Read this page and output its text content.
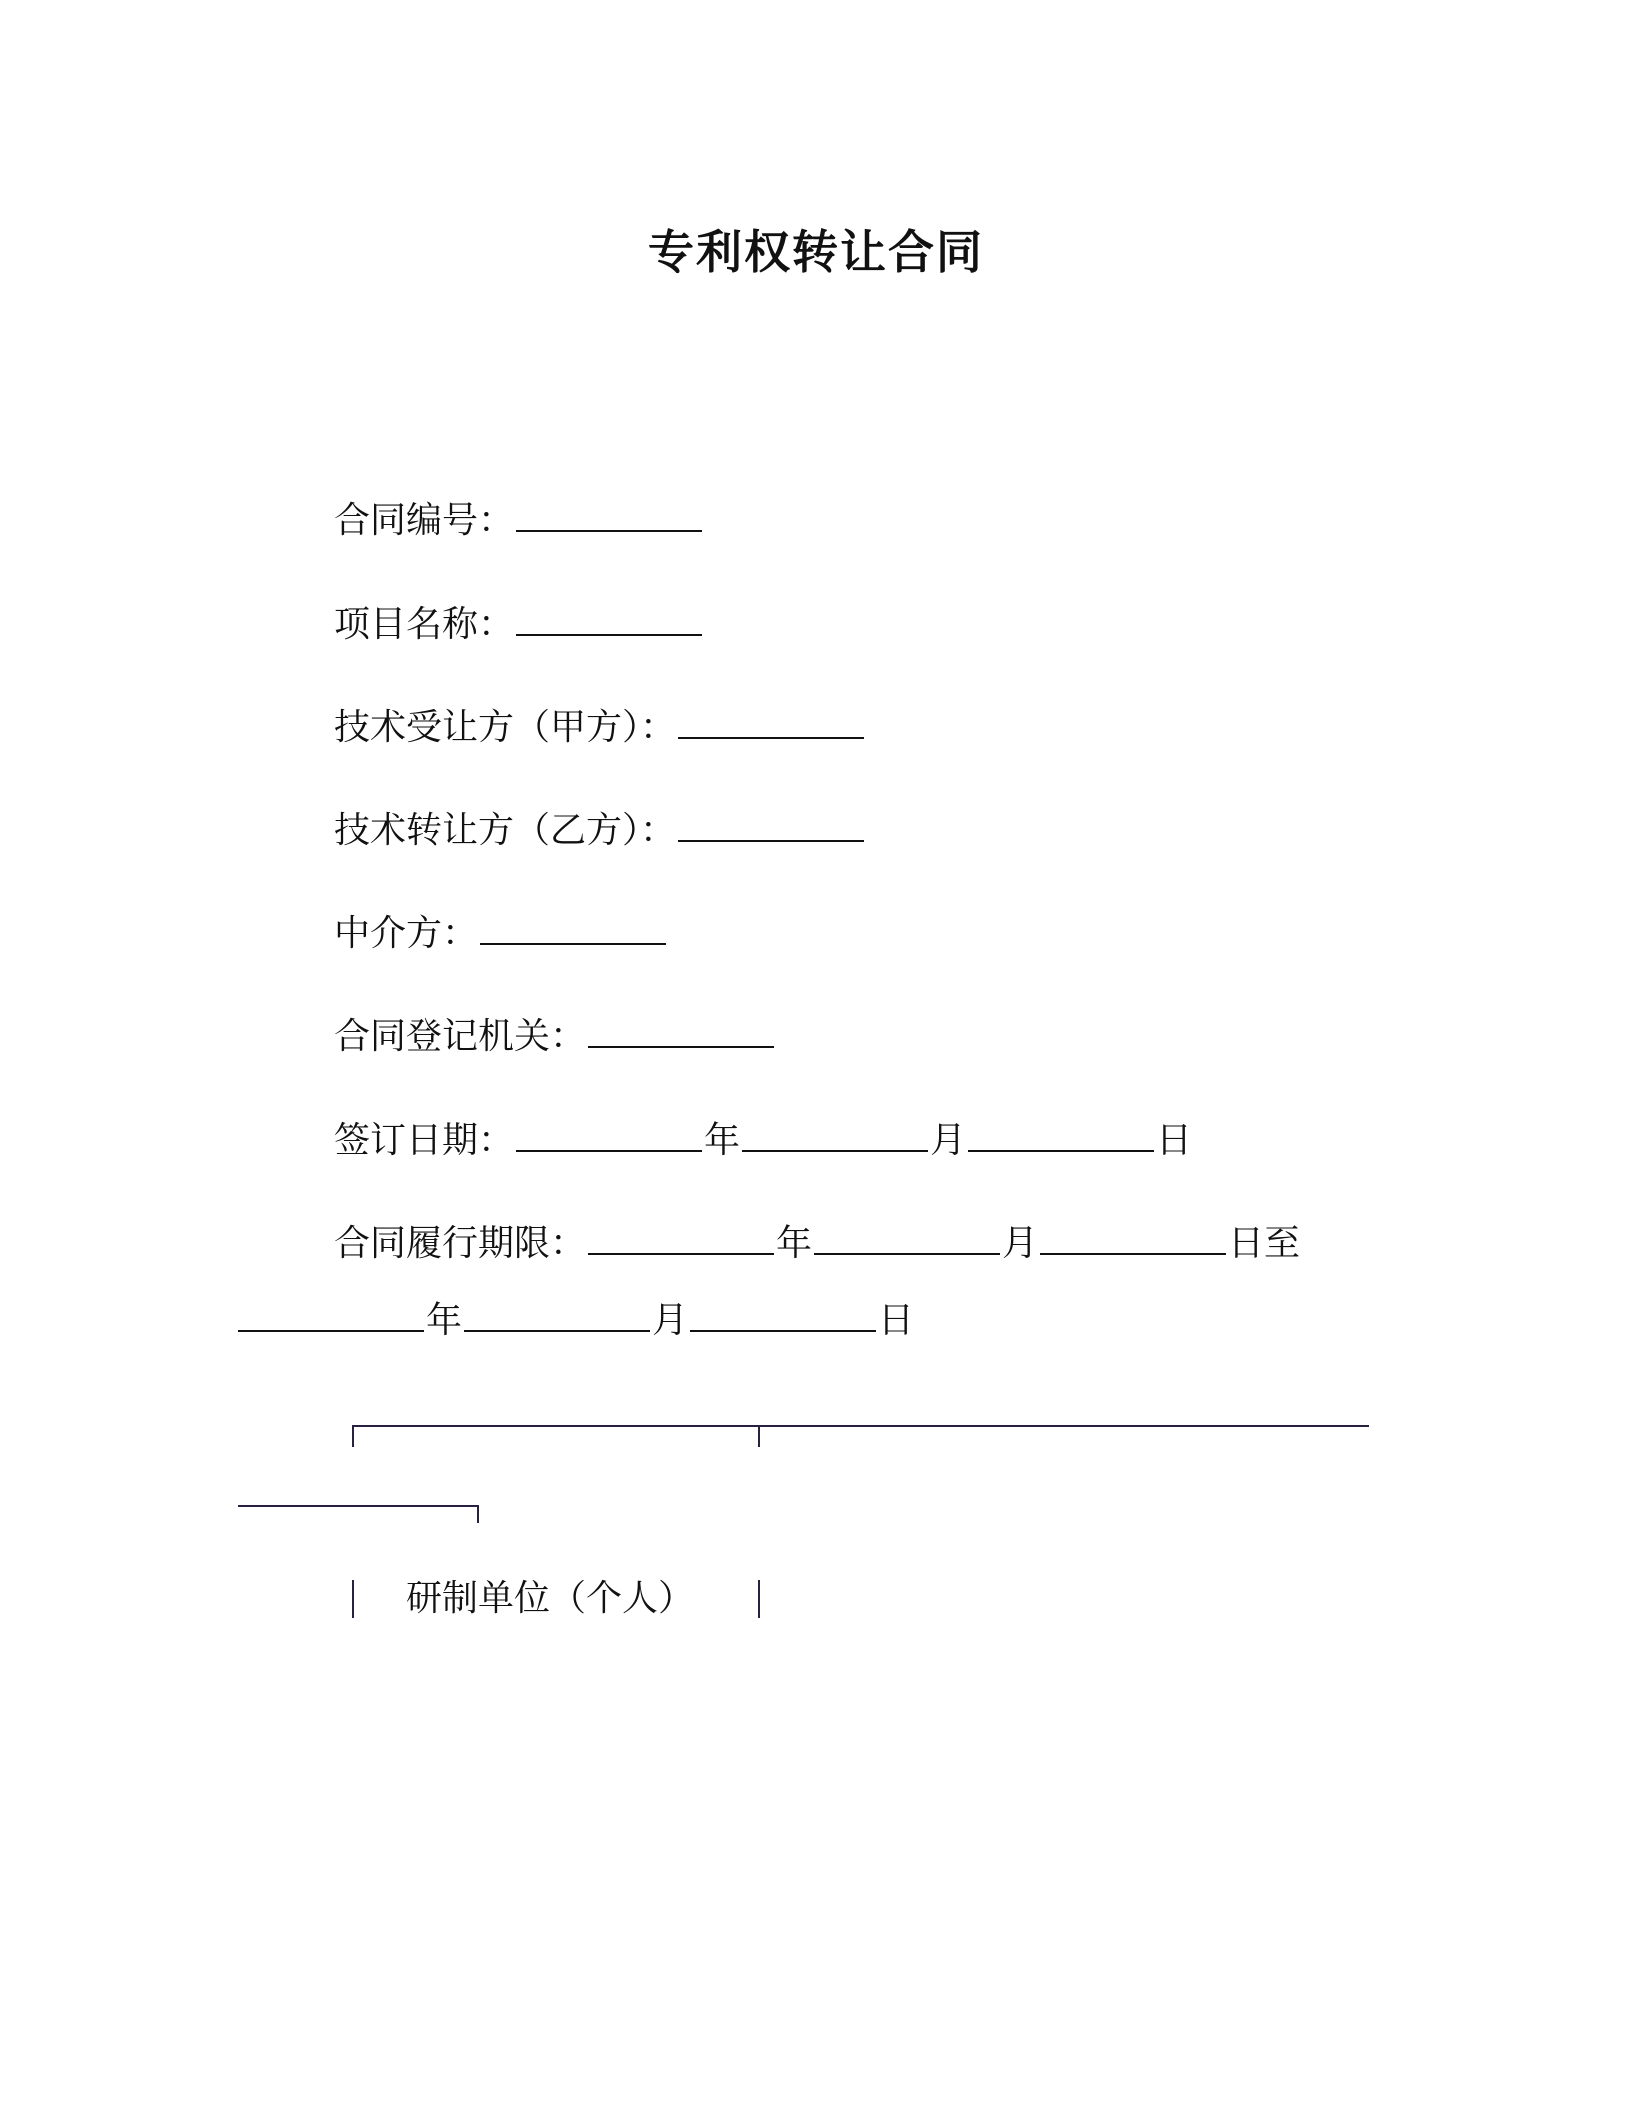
专利权转让合同
合同编号：
项目名称：
技术受让方（甲方）：
技术转让方（乙方）：
中介方：
合同登记机关：
签订日期：	年	月	日
合同履行期限：	年	月	日至
年	月	日
研制单位（个人）
